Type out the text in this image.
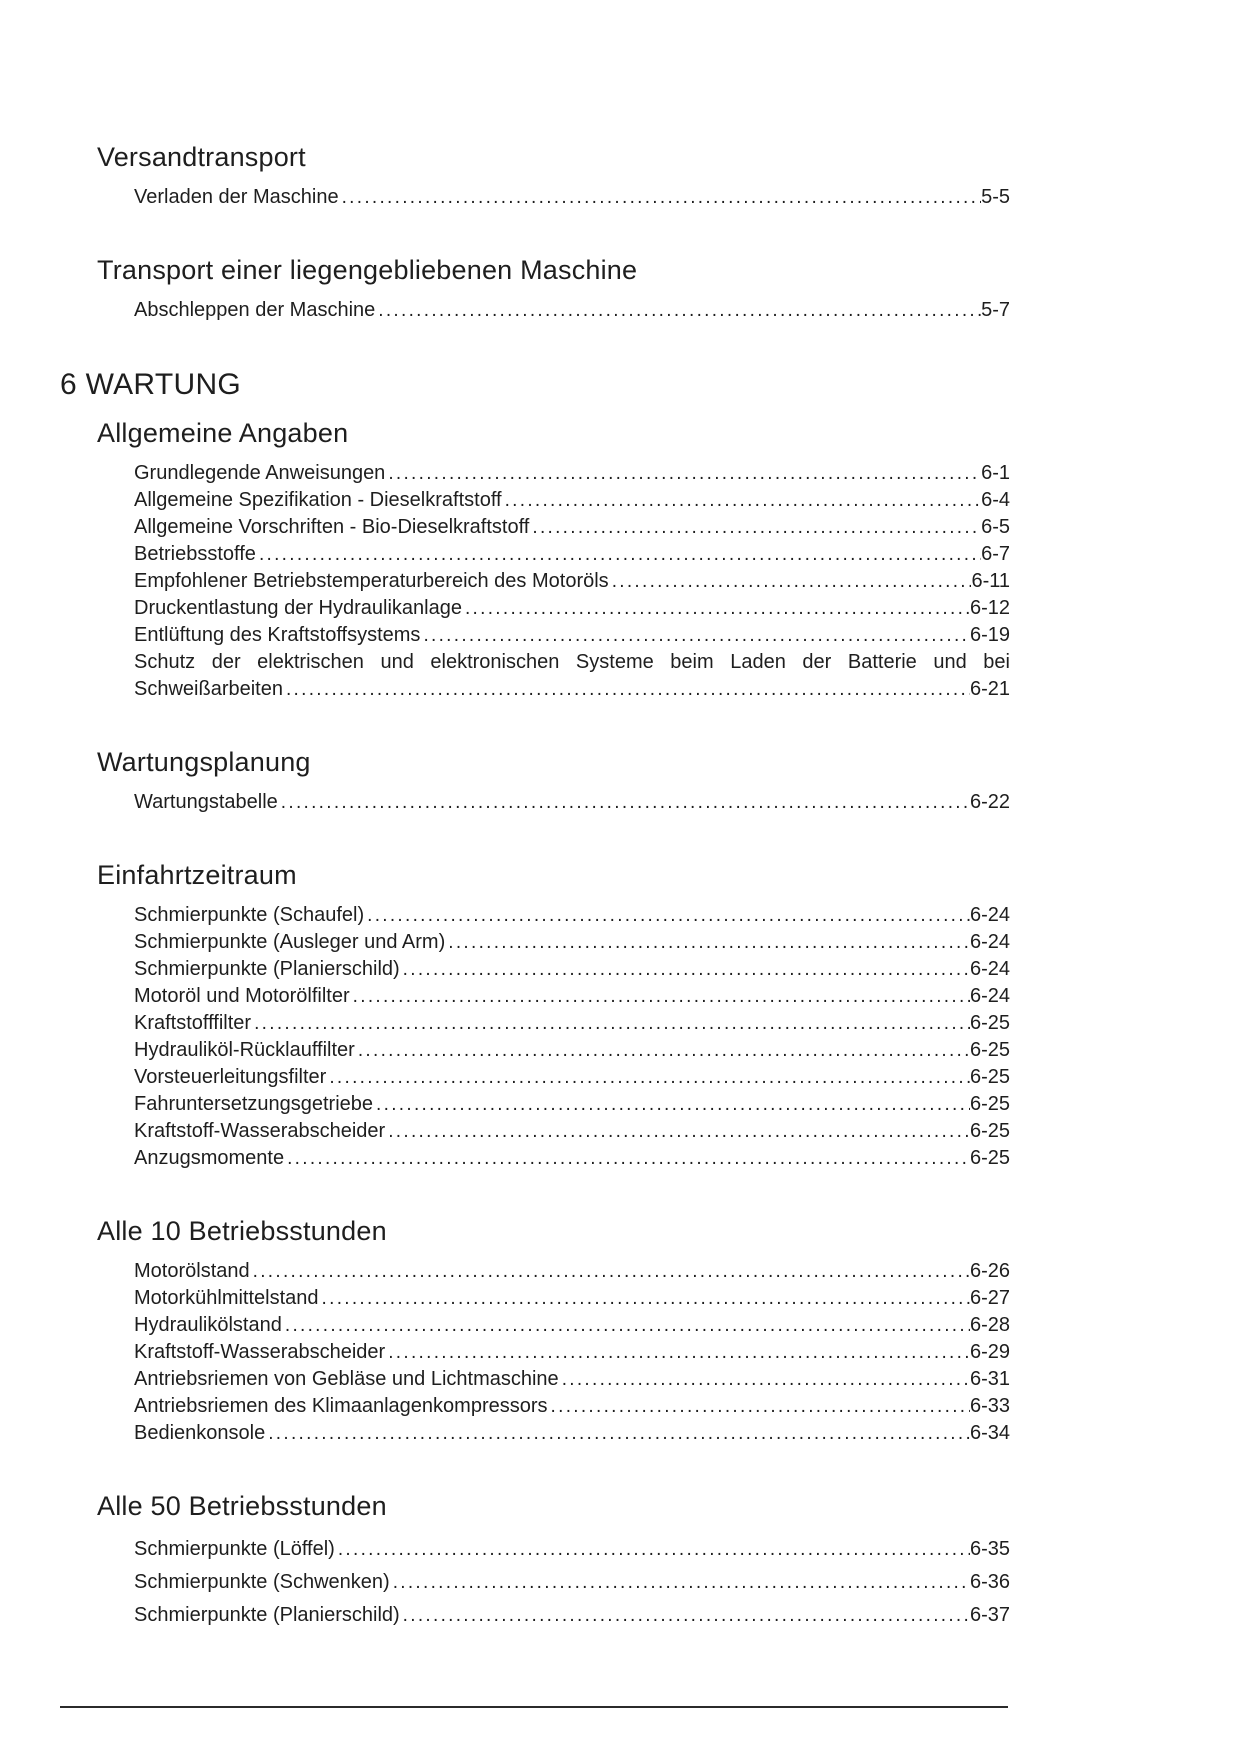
Versandtransport
Verladen der Maschine .....	5-5
Transport einer liegengebliebenen Maschine
Abschleppen der Maschine .....	5-7
6 WARTUNG
Allgemeine Angaben
Grundlegende Anweisungen .....	6-1
Allgemeine Spezifikation - Dieselkraftstoff .....	6-4
Allgemeine Vorschriften - Bio-Dieselkraftstoff .....	6-5
Betriebsstoffe .....	6-7
Empfohlener Betriebstemperaturbereich des Motoröls .....	6-11
Druckentlastung der Hydraulikanlage .....	6-12
Entlüftung des Kraftstoffsystems .....	6-19
Schutz der elektrischen und elektronischen Systeme beim Laden der Batterie und bei
Schweißarbeiten .....	6-21
Wartungsplanung
Wartungstabelle .....	6-22
Einfahrtzeitraum
Schmierpunkte (Schaufel) .....	6-24
Schmierpunkte (Ausleger und Arm) .....	6-24
Schmierpunkte (Planierschild) .....	6-24
Motoröl und Motorölfilter .....	6-24
Kraftstofffilter .....	6-25
Hydrauliköl-Rücklauffilter .....	6-25
Vorsteuerleitungsfilter .....	6-25
Fahruntersetzungsgetriebe .....	6-25
Kraftstoff-Wasserabscheider .....	6-25
Anzugsmomente .....	6-25
Alle 10 Betriebsstunden
Motorölstand .....	6-26
Motorkühlmittelstand .....	6-27
Hydraulikölstand .....	6-28
Kraftstoff-Wasserabscheider .....	6-29
Antriebsriemen von Gebläse und Lichtmaschine .....	6-31
Antriebsriemen des Klimaanlagenkompressors .....	6-33
Bedienkonsole .....	6-34
Alle 50 Betriebsstunden
Schmierpunkte (Löffel) .....	6-35
Schmierpunkte (Schwenken) .....	6-36
Schmierpunkte (Planierschild) .....	6-37
